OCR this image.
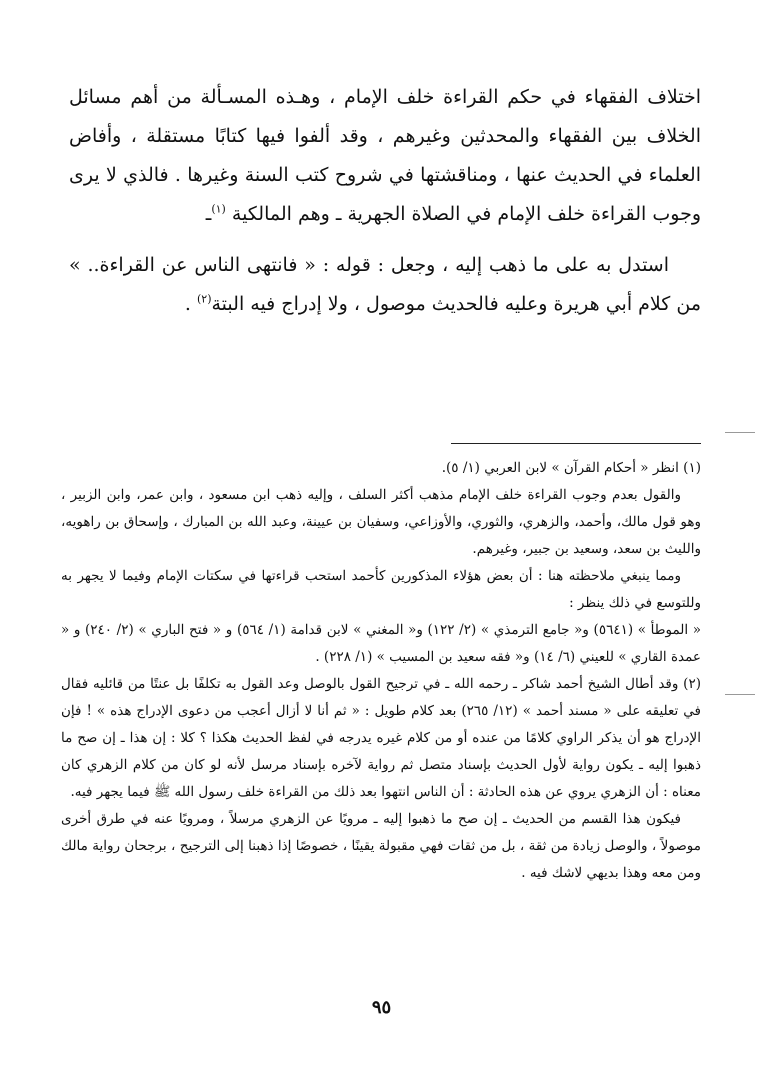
اختلاف الفقهاء في حكم القراءة خلف الإمام ، وهـذه المسـألة من أهم مسائل الخلاف بين الفقهاء والمحدثين وغيرهم ، وقد ألفوا فيها كتابًا مستقلة ، وأفاض العلماء في الحديث عنها ، ومناقشتها في شروح كتب السنة وغيرها . فالذي لا يرى وجوب القراءة خلف الإمام في الصلاة الجهرية ـ وهم المالكية $^{(١)}$ـ

استدل به على ما ذهب إليه ، وجعل : قوله : « فانتهى الناس عن القراءة.. » من كلام أبي هريرة وعليه فالحديث موصول ، ولا إدراج فيه البتة$^{(٢)}$ .

(١) انظر « أحكام القرآن » لابن العربي (١/ ٥).

والقول بعدم وجوب القراءة خلف الإمام مذهب أكثر السلف ، وإليه ذهب ابن مسعود ، وابن عمر، وابن الزبير ، وهو قول مالك، وأحمد، والزهري، والثوري، والأوزاعي، وسفيان بن عيينة، وعبد الله بن المبارك ، وإسحاق بن راهويه، والليث بن سعد، وسعيد بن جبير، وغيرهم.

ومما ينبغي ملاحظته هنا : أن بعض هؤلاء المذكورين كأحمد استحب قراءتها في سكتات الإمام وفيما لا يجهر به وللتوسع في ذلك ينظر :

« الموطأ » (٥٦٤١) و« جامع الترمذي » (٢/ ١٢٢) و« المغني » لابن قدامة (١/ ٥٦٤) و « فتح الباري » (٢/ ٢٤٠) و « عمدة القاري » للعيني (٦/ ١٤) و« فقه سعيد بن المسيب » (١/ ٢٢٨) .

(٢) وقد أطال الشيخ أحمد شاكر ـ رحمه الله ـ في ترجيح القول بالوصل وعد القول به تكلفًا بل عنتًا من قائليه فقال في تعليقه على « مسند أحمد » (١٢/ ٢٦٥) بعد كلام طويل : « ثم أنا لا أزال أعجب من دعوى الإدراج هذه » ! فإن الإدراج هو أن يذكر الراوي كلامًا من عنده أو من كلام غيره يدرجه في لفظ الحديث هكذا ؟ كلا : إن هذا ـ إن صح ما ذهبوا إليه ـ يكون رواية لأول الحديث بإسناد متصل ثم رواية لآخره بإسناد مرسل لأنه لو كان من كلام الزهري كان معناه : أن الزهري يروي عن هذه الحادثة : أن الناس انتهوا بعد ذلك من القراءة خلف رسول الله ﷺ فيما يجهر فيه.

فيكون هذا القسم من الحديث ـ إن صح ما ذهبوا إليه ـ مرويًا عن الزهري مرسلاً ، ومرويًا عنه في طرق أخرى موصولاً ، والوصل زيادة من ثقة ، بل من ثقات فهي مقبولة يقينًا ، خصوصًا إذا ذهبنا إلى الترجيح ، برجحان رواية مالك ومن معه وهذا بديهي لاشك فيه .

٩٥
